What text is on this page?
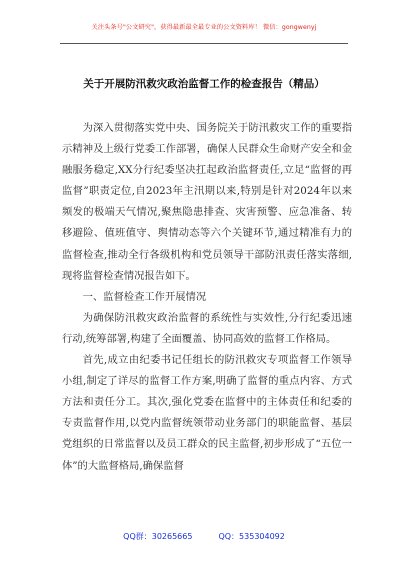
关注头条号"公文研究"，获得最新最全最专业的公文资料库！ 微信：gongwenyj
关于开展防汛救灾政治监督工作的检查报告（精品）

为深入贯彻落实党中央、国务院关于防汛救灾工作的重要指示精神及上级行党委工作部署，确保人民群众生命财产安全和金融服务稳定,XX分行纪委坚决扛起政治监督责任,立足“监督的再监督”职责定位,自2023年主汛期以来,特别是针对2024年以来频发的极端天气情况,聚焦隐患排查、灾害预警、应急准备、转移避险、值班值守、舆情动态等六个关键环节,通过精准有力的监督检查,推动全行各级机构和党员领导干部防汛责任落实落细,现将监督检查情况报告如下。

一、监督检查工作开展情况

为确保防汛救灾政治监督的系统性与实效性,分行纪委迅速行动,统筹部署,构建了全面覆盖、协同高效的监督工作格局。

首先,成立由纪委书记任组长的防汛救灾专项监督工作领导小组,制定了详尽的监督工作方案,明确了监督的重点内容、方式方法和责任分工。其次,强化党委在监督中的主体责任和纪委的专责监督作用,以党内监督统领带动业务部门的职能监督、基层党组织的日常监督以及员工群众的民主监督,初步形成了“五位一体”的大监督格局,确保监督

QQ群：30265665	QQ：535304092
